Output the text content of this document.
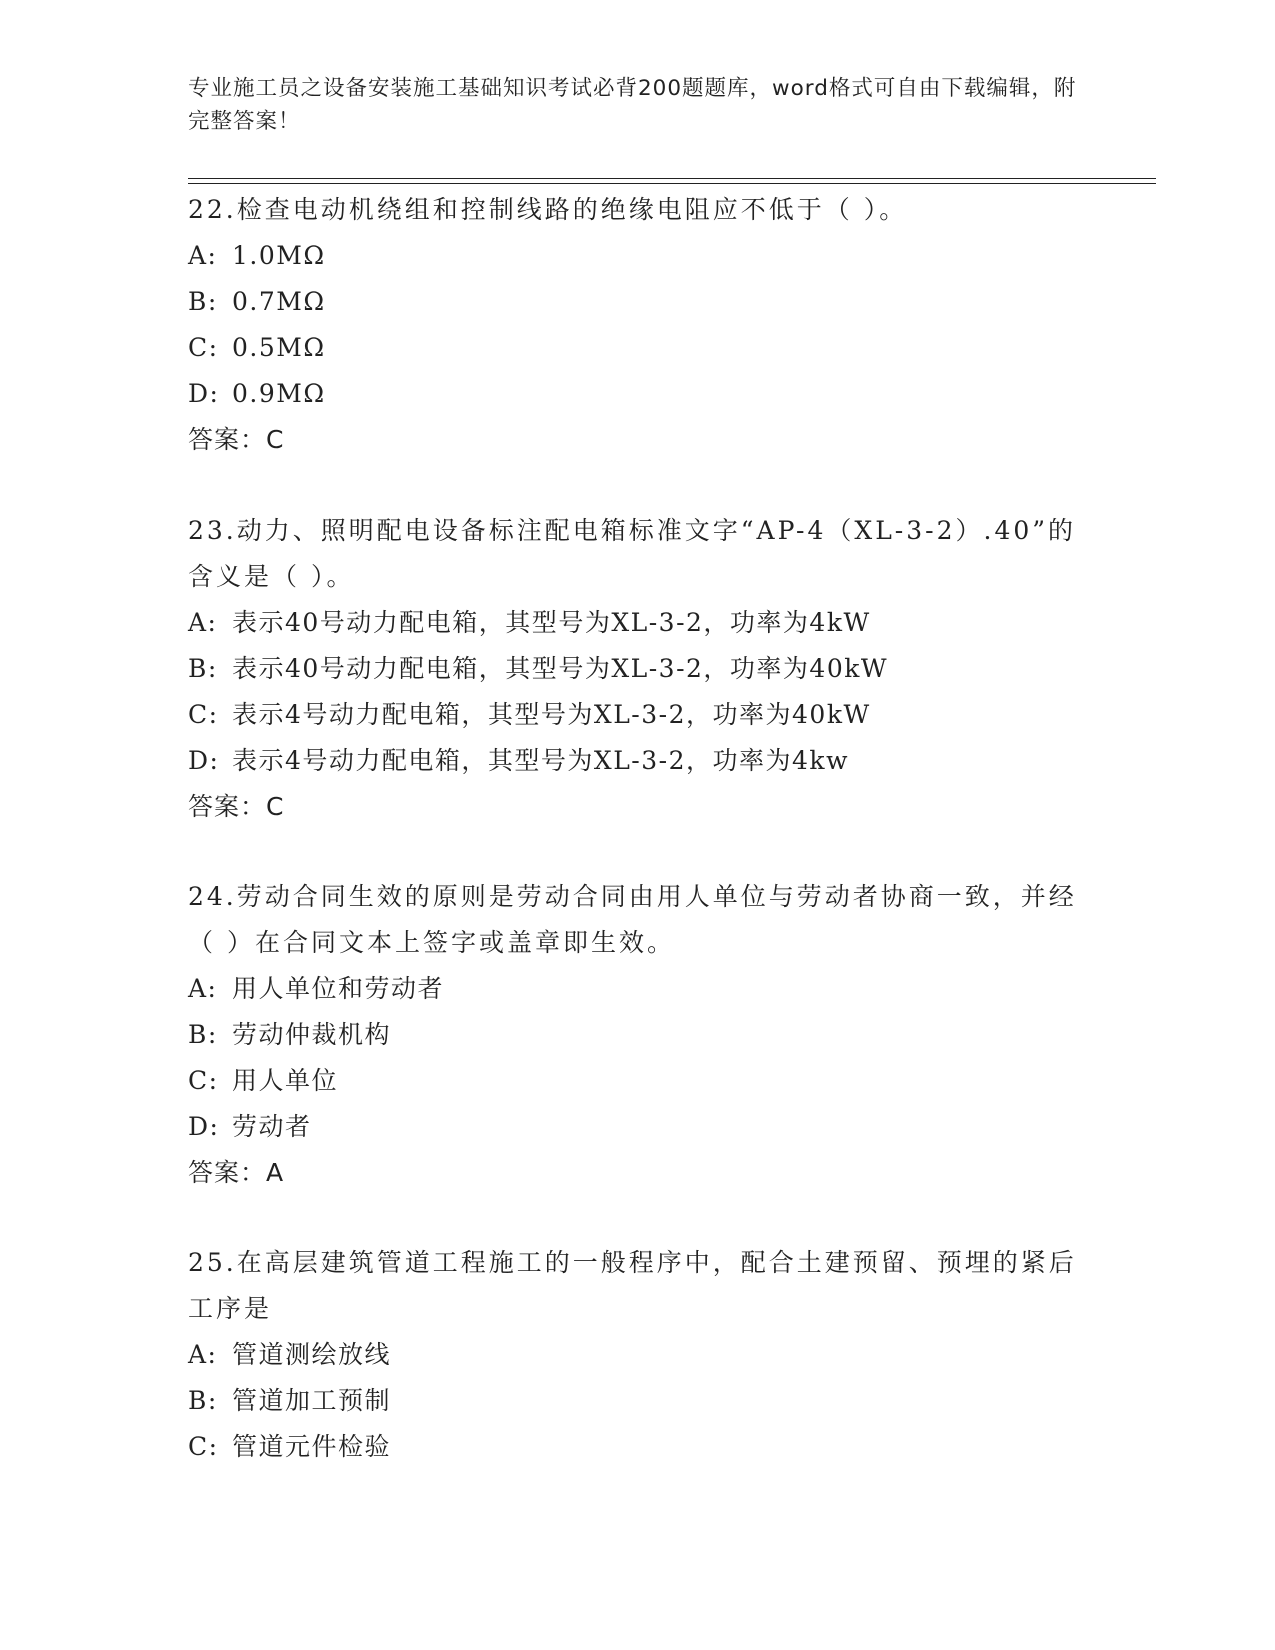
专业施工员之设备安装施工基础知识考试必背200题题库，word格式可自由下载编辑，附完整答案！

22.检查电动机绕组和控制线路的绝缘电阻应不低于（ ）。

A: 1.0MΩ

B: 0.7MΩ

C: 0.5MΩ

D: 0.9MΩ

答案：C

23.动力、照明配电设备标注配电箱标准文字“AP-4（XL-3-2）.40”的含义是（ ）。

A: 表示40号动力配电箱，其型号为XL-3-2，功率为4kW

B: 表示40号动力配电箱，其型号为XL-3-2，功率为40kW

C: 表示4号动力配电箱，其型号为XL-3-2，功率为40kW

D: 表示4号动力配电箱，其型号为XL-3-2，功率为4kw

答案：C

24.劳动合同生效的原则是劳动合同由用人单位与劳动者协商一致，并经（ ）在合同文本上签字或盖章即生效。

A: 用人单位和劳动者

B: 劳动仲裁机构

C: 用人单位

D: 劳动者

答案：A

25.在高层建筑管道工程施工的一般程序中，配合土建预留、预埋的紧后工序是

A: 管道测绘放线

B: 管道加工预制

C: 管道元件检验
